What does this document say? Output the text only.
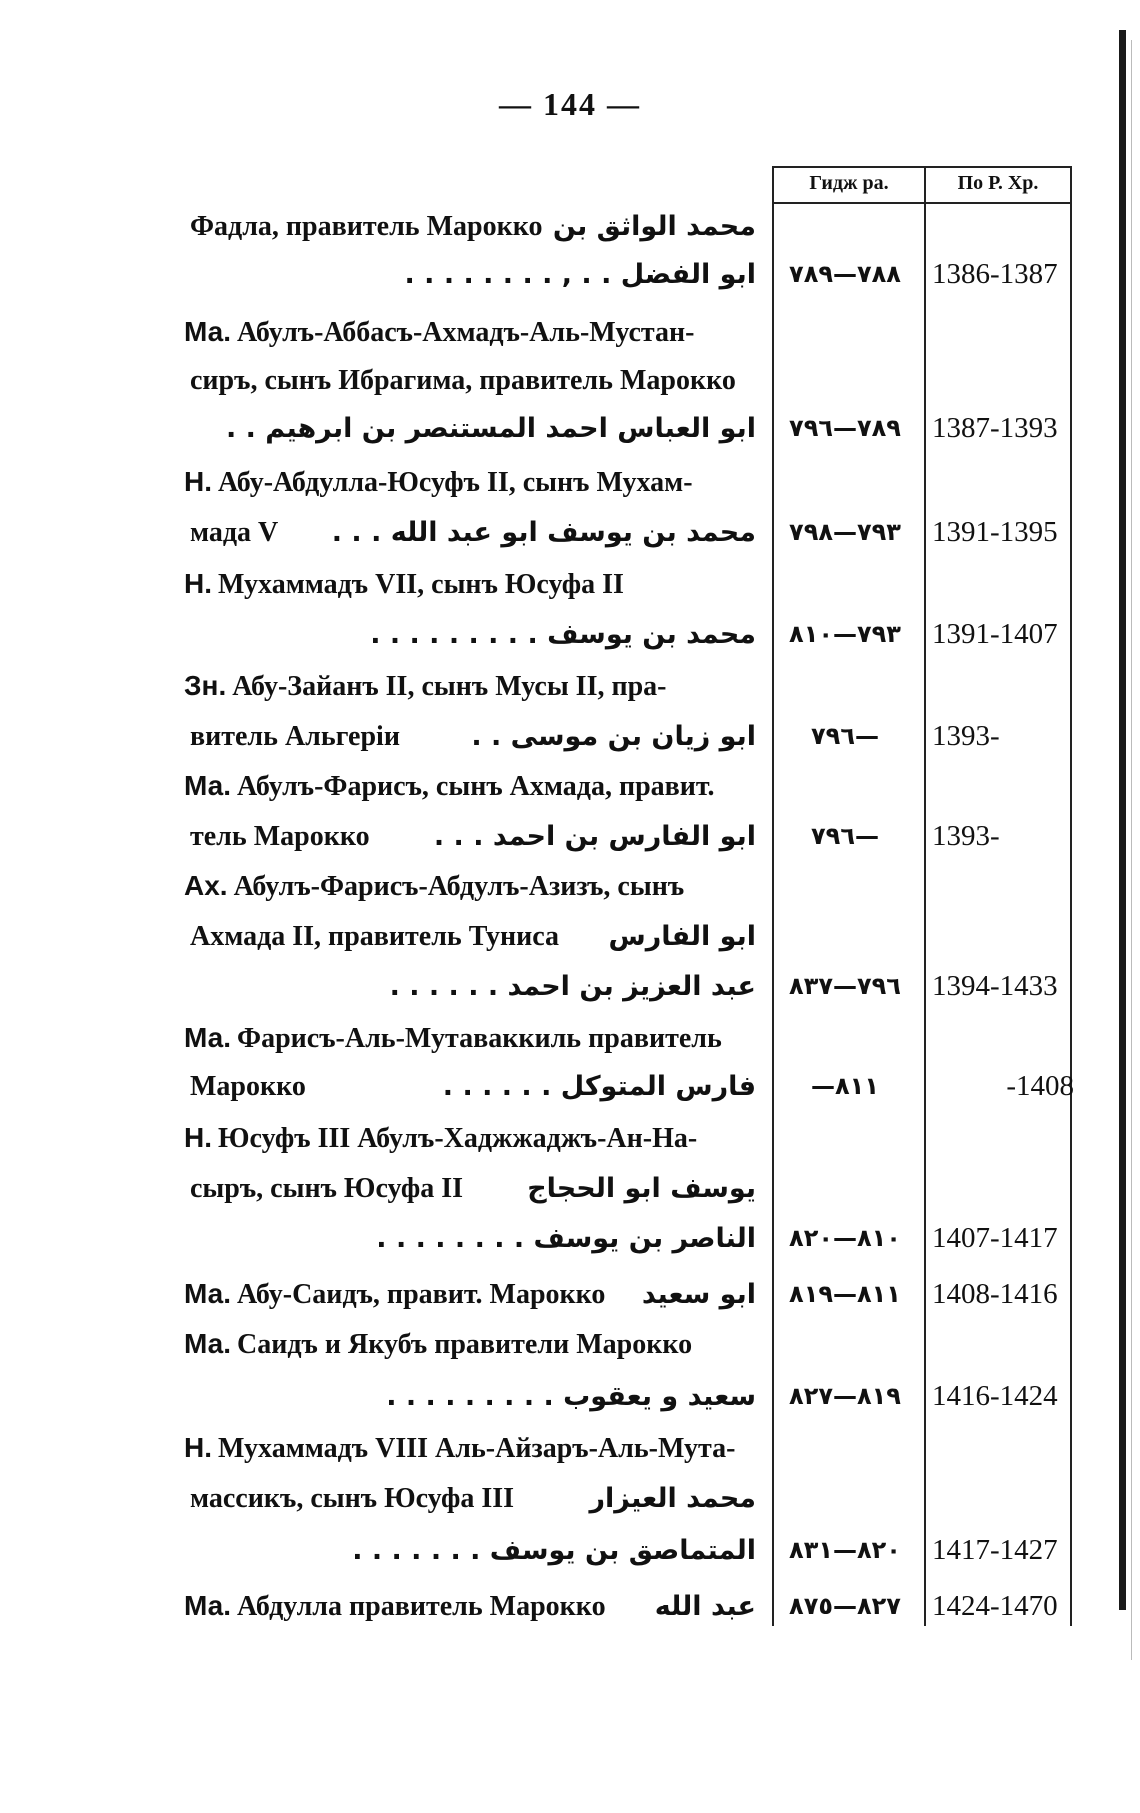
— 144 —
Гидж ра.	По Р. Хр.
Фадла, правитель Марокко محمد الواثق بن
ابو الفضل . . , . . . . . . . .	٧٨٨—٧٨٩	1386-1387
Ма. Абулъ-Аббасъ-Ахмадъ-Аль-Мустан-
сиръ, сынъ Ибрагима, правитель Марокко
ابو العباس احمد المستنصر بن ابرهيم . .	٧٨٩—٧٩٦	1387-1393
Н. Абу-Абдулла-Юсуфъ II, сынъ Мухам-
мада V محمد بن يوسف ابو عبد الله . . .	٧٩٣—٧٩٨	1391-1395
Н. Мухаммадъ VII, сынъ Юсуфа II
محمد بن يوسف . . . . . . . . .	٧٩٣—٨١٠	1391-1407
Зн. Абу-Зайанъ II, сынъ Мусы II, пра-
витель Альгеріи	ابو زيان بن موسى . .	٧٩٦—	1393-
Ма. Абулъ-Фарисъ, сынъ Ахмада, правит.
тель Марокко ابو الفارس بن احمد . . .	٧٩٦—	1393-
Ах. Абулъ-Фарисъ-Абдулъ-Азизъ, сынъ
Ахмада II, правитель Туниса ابو الفارس
عبد العزيز بن احمد . . . . . .	٧٩٦—٨٣٧	1394-1433
Ма. Фарисъ-Аль-Мутаваккиль правитель
Марокко	فارس المتوكل . . . . . .	—٨١١	-1408
Н. Юсуфъ III Абулъ-Хаджжаджъ-Ан-На-
сыръ, сынъ Юсуфа II يوسف ابو الحجاج
الناصر بن يوسف . . . . . . . .	٨١٠—٨٢٠	1407-1417
Ма. Абу-Саидъ, правит. Марокко ابو سعيد	٨١١—٨١٩	1408-1416
Ма. Саидъ и Якубъ правители Марокко
سعيد و يعقوب . . . . . . . . .	٨١٩—٨٢٧	1416-1424
Н. Мухаммадъ VIII Аль-Айзаръ-Аль-Мута-
массикъ, сынъ Юсуфа III	محمد العيزار
المتماصق بن يوسف . . . . . . .	٨٢٠—٨٣١	1417-1427
Ма. Абдулла правитель Марокко عبد الله	٨٢٧—٨٧٥	1424-1470
